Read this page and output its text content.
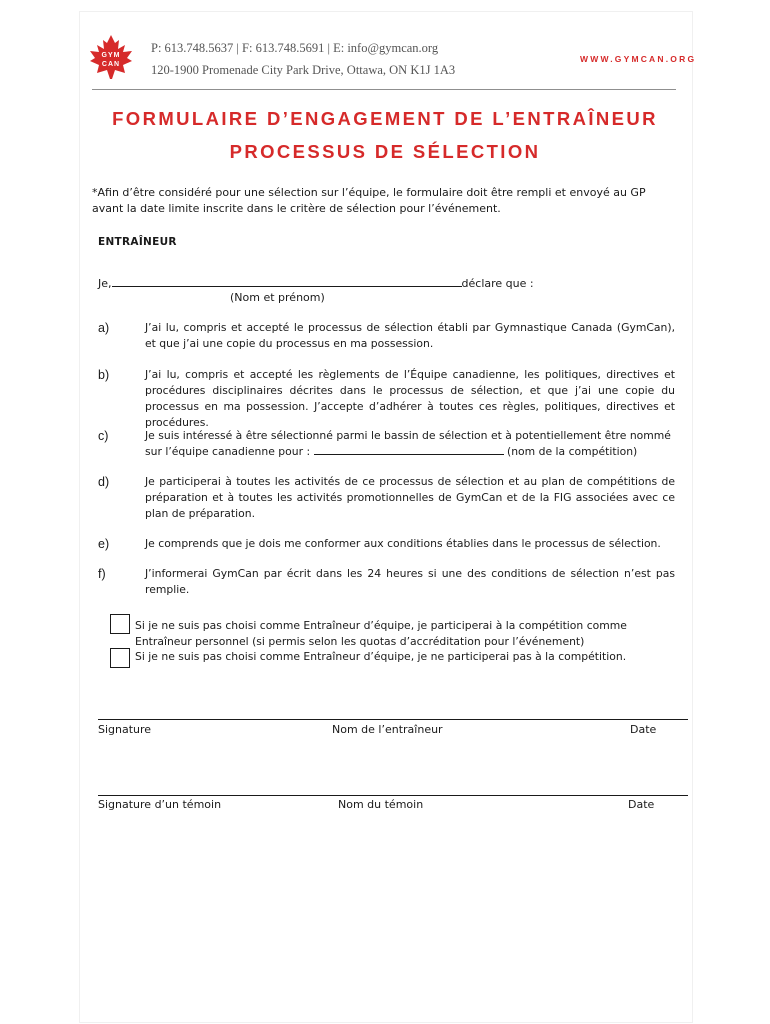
GYM
CAN
P: 613.748.5637 | F: 613.748.5691 | E: info@gymcan.org
120-1900 Promenade City Park Drive, Ottawa, ON K1J 1A3
WWW.GYMCAN.ORG
FORMULAIRE D’ENGAGEMENT DE L’ENTRAÎNEUR
PROCESSUS DE SÉLECTION
*Afin d’être considéré pour une sélection sur l’équipe, le formulaire doit être rempli et envoyé au GP avant la date limite inscrite dans le critère de sélection pour l’événement.
ENTRAÎNEUR
Je,	déclare que :
(Nom et prénom)
a)	J’ai lu, compris et accepté le processus de sélection établi par Gymnastique Canada (GymCan), et que j’ai une copie du processus en ma possession.
b)	J’ai lu, compris et accepté les règlements de l’Équipe canadienne, les politiques, directives et procédures disciplinaires décrites dans le processus de sélection, et que j’ai une copie du processus en ma possession. J’accepte d’adhérer à toutes ces règles, politiques, directives et procédures.
c)	Je suis intéressé à être sélectionné parmi le bassin de sélection et à potentiellement être nommé sur l’équipe canadienne pour :	(nom de la compétition)
d)	Je participerai à toutes les activités de ce processus de sélection et au plan de compétitions de préparation et à toutes les activités promotionnelles de GymCan et de la FIG associées avec ce plan de préparation.
e)	Je comprends que je dois me conformer aux conditions établies dans le processus de sélection.
f)	J’informerai GymCan par écrit dans les 24 heures si une des conditions de sélection n’est pas remplie.
Si je ne suis pas choisi comme Entraîneur d’équipe, je participerai à la compétition comme Entraîneur personnel (si permis selon les quotas d’accréditation pour l’événement)
Si je ne suis pas choisi comme Entraîneur d’équipe, je ne participerai pas à la compétition.
Signature	Nom de l’entraîneur	Date
Signature d’un témoin	Nom du témoin	Date
